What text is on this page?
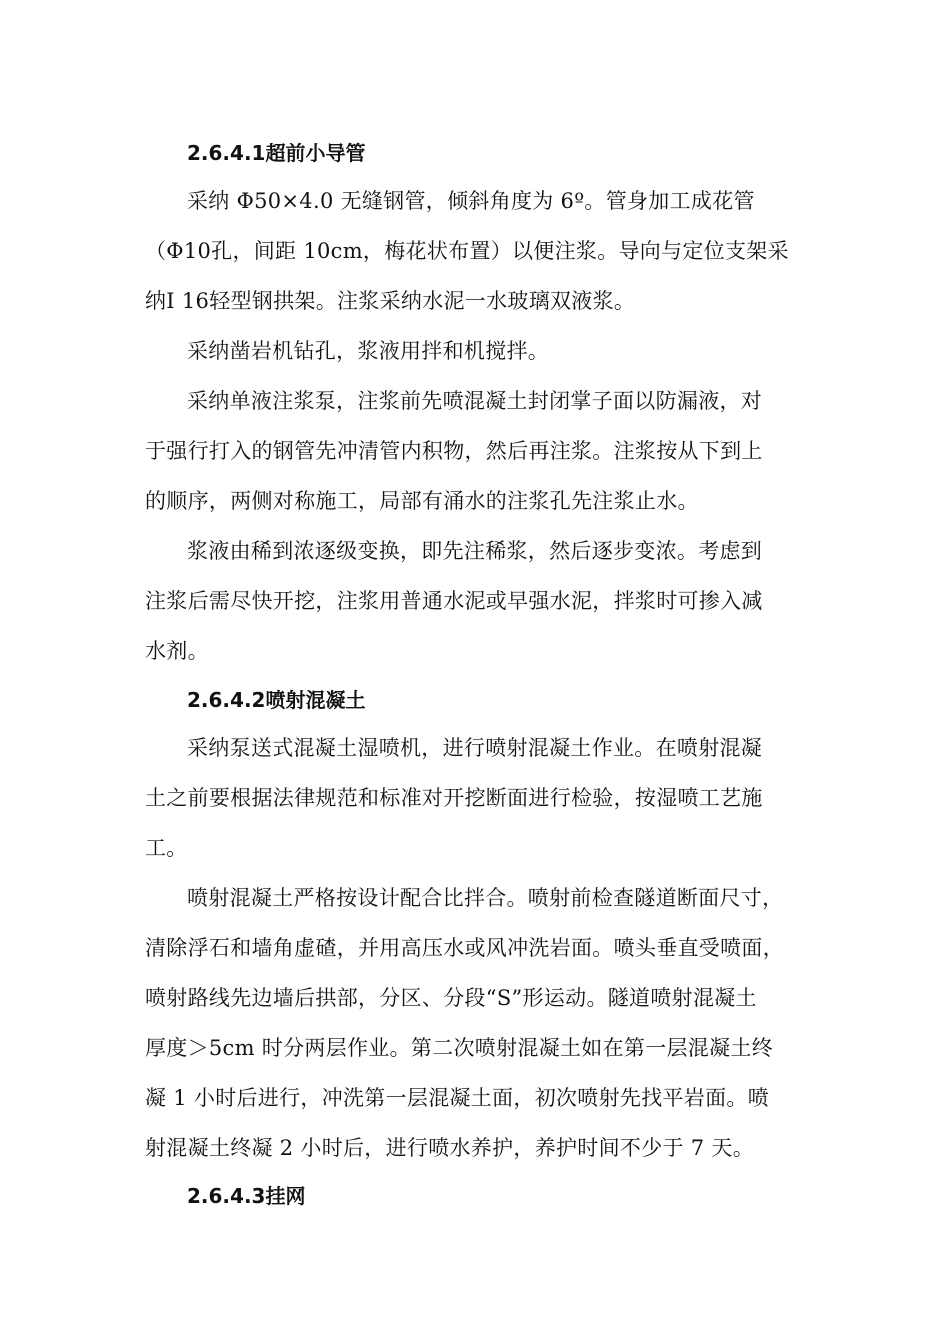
2.6.4.1超前小导管
采纳 Φ50×4.0 无缝钢管，倾斜角度为 6º。管身加工成花管
（Φ10孔，间距 10cm，梅花状布置）以便注浆。导向与定位支架采
纳Ⅰ 16轻型钢拱架。注浆采纳水泥一水玻璃双液浆。
采纳凿岩机钻孔，浆液用拌和机搅拌。
采纳单液注浆泵，注浆前先喷混凝土封闭掌子面以防漏液，对
于强行打入的钢管先冲清管内积物，然后再注浆。注浆按从下到上
的顺序，两侧对称施工，局部有涌水的注浆孔先注浆止水。
浆液由稀到浓逐级变换，即先注稀浆，然后逐步变浓。考虑到
注浆后需尽快开挖，注浆用普通水泥或早强水泥，拌浆时可掺入减
水剂。
2.6.4.2喷射混凝土
采纳泵送式混凝土湿喷机，进行喷射混凝土作业。在喷射混凝
土之前要根据法律规范和标准对开挖断面进行检验，按湿喷工艺施
工。
喷射混凝土严格按设计配合比拌合。喷射前检查隧道断面尺寸，
清除浮石和墙角虚碴，并用高压水或风冲洗岩面。喷头垂直受喷面，
喷射路线先边墙后拱部，分区、分段“S”形运动。隧道喷射混凝土
厚度＞5cm 时分两层作业。第二次喷射混凝土如在第一层混凝土终
凝 1 小时后进行，冲洗第一层混凝土面，初次喷射先找平岩面。喷
射混凝土终凝 2 小时后，进行喷水养护，养护时间不少于 7 天。
2.6.4.3挂网
